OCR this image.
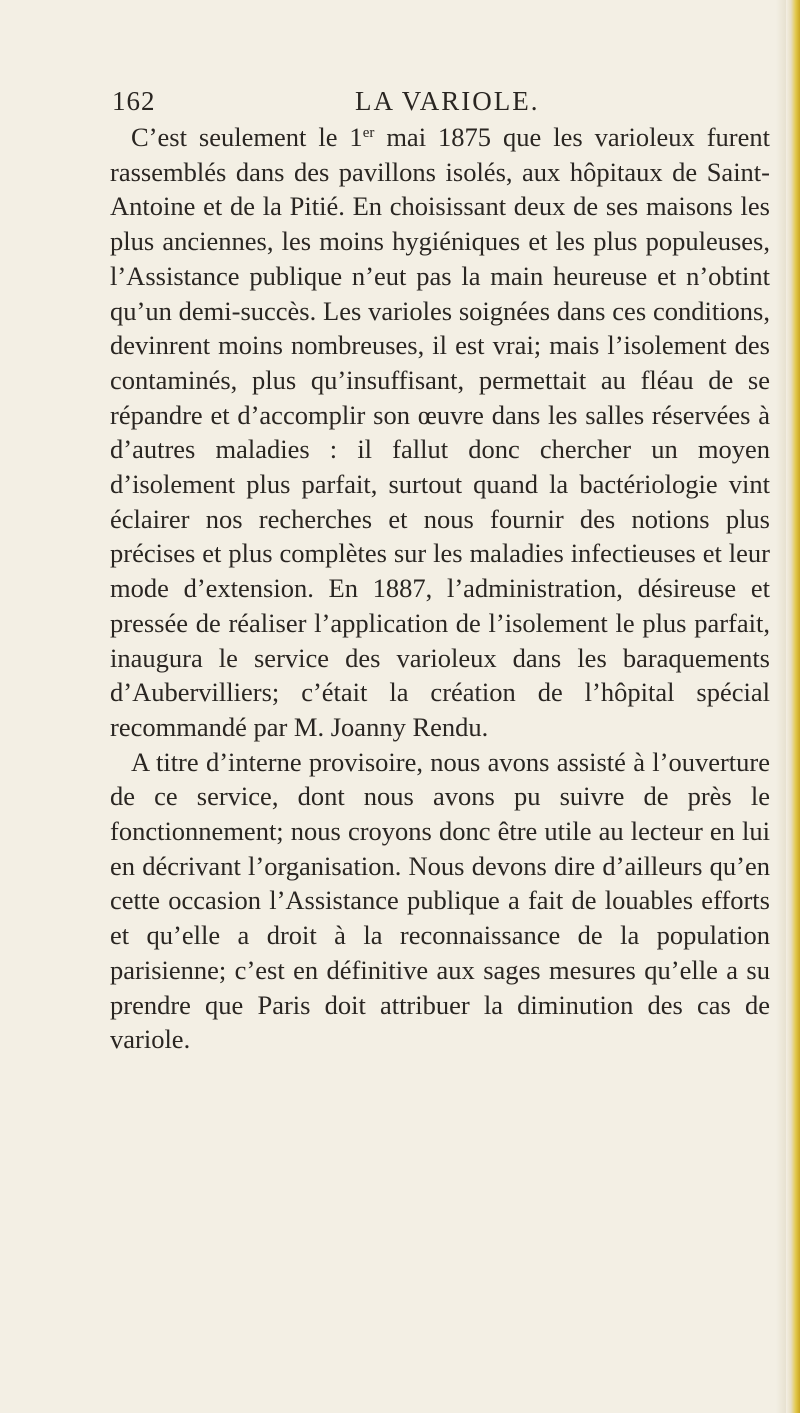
162	LA VARIOLE.

C’est seulement le 1er mai 1875 que les varioleux furent rassemblés dans des pavillons isolés, aux hôpitaux de Saint-Antoine et de la Pitié. En choisissant deux de ses maisons les plus anciennes, les moins hygiéniques et les plus populeuses, l’Assistance publique n’eut pas la main heureuse et n’obtint qu’un demi-succès. Les varioles soignées dans ces conditions, devinrent moins nombreuses, il est vrai; mais l’isolement des contaminés, plus qu’insuffisant, permettait au fléau de se répandre et d’accomplir son œuvre dans les salles réservées à d’autres maladies : il fallut donc chercher un moyen d’isolement plus parfait, surtout quand la bactériologie vint éclairer nos recherches et nous fournir des notions plus précises et plus complètes sur les maladies infectieuses et leur mode d’extension. En 1887, l’administration, désireuse et pressée de réaliser l’application de l’isolement le plus parfait, inaugura le service des varioleux dans les baraquements d’Aubervilliers; c’était la création de l’hôpital spécial recommandé par M. Joanny Rendu.

A titre d’interne provisoire, nous avons assisté à l’ouverture de ce service, dont nous avons pu suivre de près le fonctionnement; nous croyons donc être utile au lecteur en lui en décrivant l’organisation. Nous devons dire d’ailleurs qu’en cette occasion l’Assistance publique a fait de louables efforts et qu’elle a droit à la reconnaissance de la population parisienne; c’est en définitive aux sages mesures qu’elle a su prendre que Paris doit attribuer la diminution des cas de variole.
